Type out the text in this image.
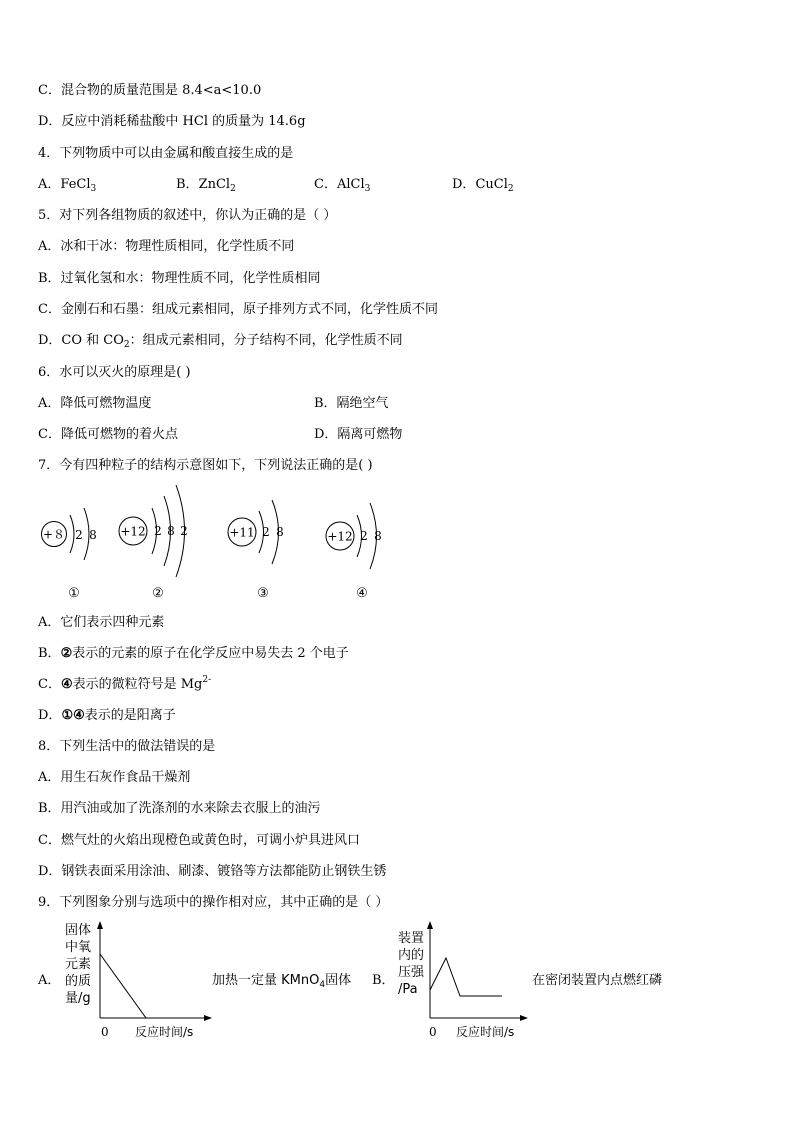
C．混合物的质量范围是 8.4<a<10.0
D．反应中消耗稀盐酸中 HCl 的质量为 14.6g
4．下列物质中可以由金属和酸直接生成的是
A．FeCl$_3$	B．ZnCl$_2$	C．AlCl$_3$	D．CuCl$_2$
5．对下列各组物质的叙述中，你认为正确的是（ ）
A．冰和干冰：物理性质相同，化学性质不同
B．过氧化氢和水：物理性质不同，化学性质相同
C．金刚石和石墨：组成元素相同，原子排列方式不同，化学性质不同
D．CO 和 $CO_2$：组成元素相同，分子结构不同，化学性质不同
6．水可以灭火的原理是( )
A．降低可燃物温度	B．隔绝空气
C．降低可燃物的着火点	D．隔离可燃物
7．今有四种粒子的结构示意图如下，下列说法正确的是( )
+８ 2 8
①
+12 2 8 2
②
+11 2 8
③
+12 2 8
④
A．它们表示四种元素
B．②表示的元素的原子在化学反应中易失去 2 个电子
C．④表示的微粒符号是 $Mg^{2-}$
D．①④表示的是阳离子
8．下列生活中的做法错误的是
A．用生石灰作食品干燥剂
B．用汽油或加了洗涤剂的水来除去衣服上的油污
C．燃气灶的火焰出现橙色或黄色时，可调小炉具进风口
D．钢铁表面采用涂油、刷漆、镀铬等方法都能防止钢铁生锈
9．下列图象分别与选项中的操作相对应，其中正确的是（ ）
A．
固体
中氧
元素
的质
量/g
0 反应时间/s
加热一定量 KMnO$_4$固体 B．
装置
内的
压强
/Pa
0 反应时间/s
在密闭装置内点燃红磷
